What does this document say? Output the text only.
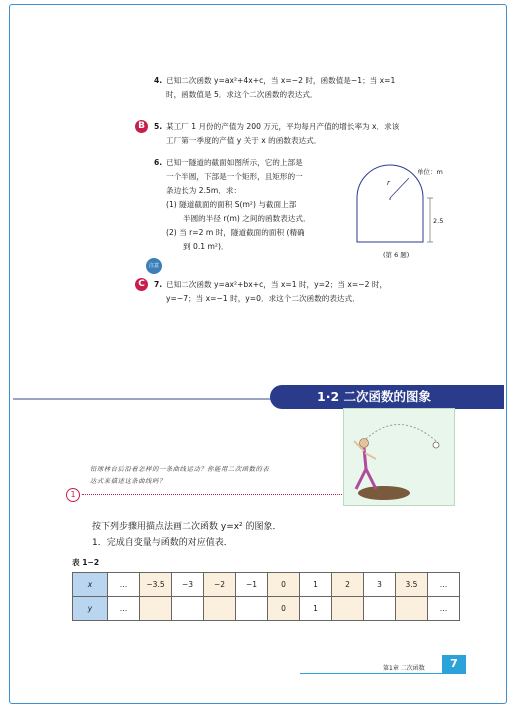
4. 已知二次函数 y=ax²+4x+c，当 x=−2 时，函数值是−1；当 x=1
时，函数值是 5．求这个二次函数的表达式．
B	5. 某工厂 1 月份的产值为 200 万元，平均每月产值的增长率为 x．求该
工厂第一季度的产值 y 关于 x 的函数表达式．
6. 已知一隧道的截面如图所示，它的上部是
一个半圆，下部是一个矩形，且矩形的一
条边长为 2.5m．求：
(1) 隧道截面的面积 S(m²) 与截面上部
半圆的半径 r(m) 之间的函数表达式．
(2) 当 r=2 m 时，隧道截面的面积 (精确
到 0.1 m²)．
单位：m
r
2.5
(第 6 题)
注意
C	7. 已知二次函数 y=ax²+bx+c，当 x=1 时，y=2；当 x=−2 时，
y=−7；当 x=−1 时，y=0．求这个二次函数的表达式．
1·2 二次函数的图象
铅球林台后沿着怎样的一条曲线运动？你能用二次函数的表
达式来描述这条曲线吗？
1
按下列步骤用描点法画二次函数 y=x² 的图象．
1．完成自变量与函数的对应值表．
表 1−2
x	…	−3.5	−3	−2	−1	0	1	2	3	3.5	…
y	…					0	1				…
第1章 二次函数	7
